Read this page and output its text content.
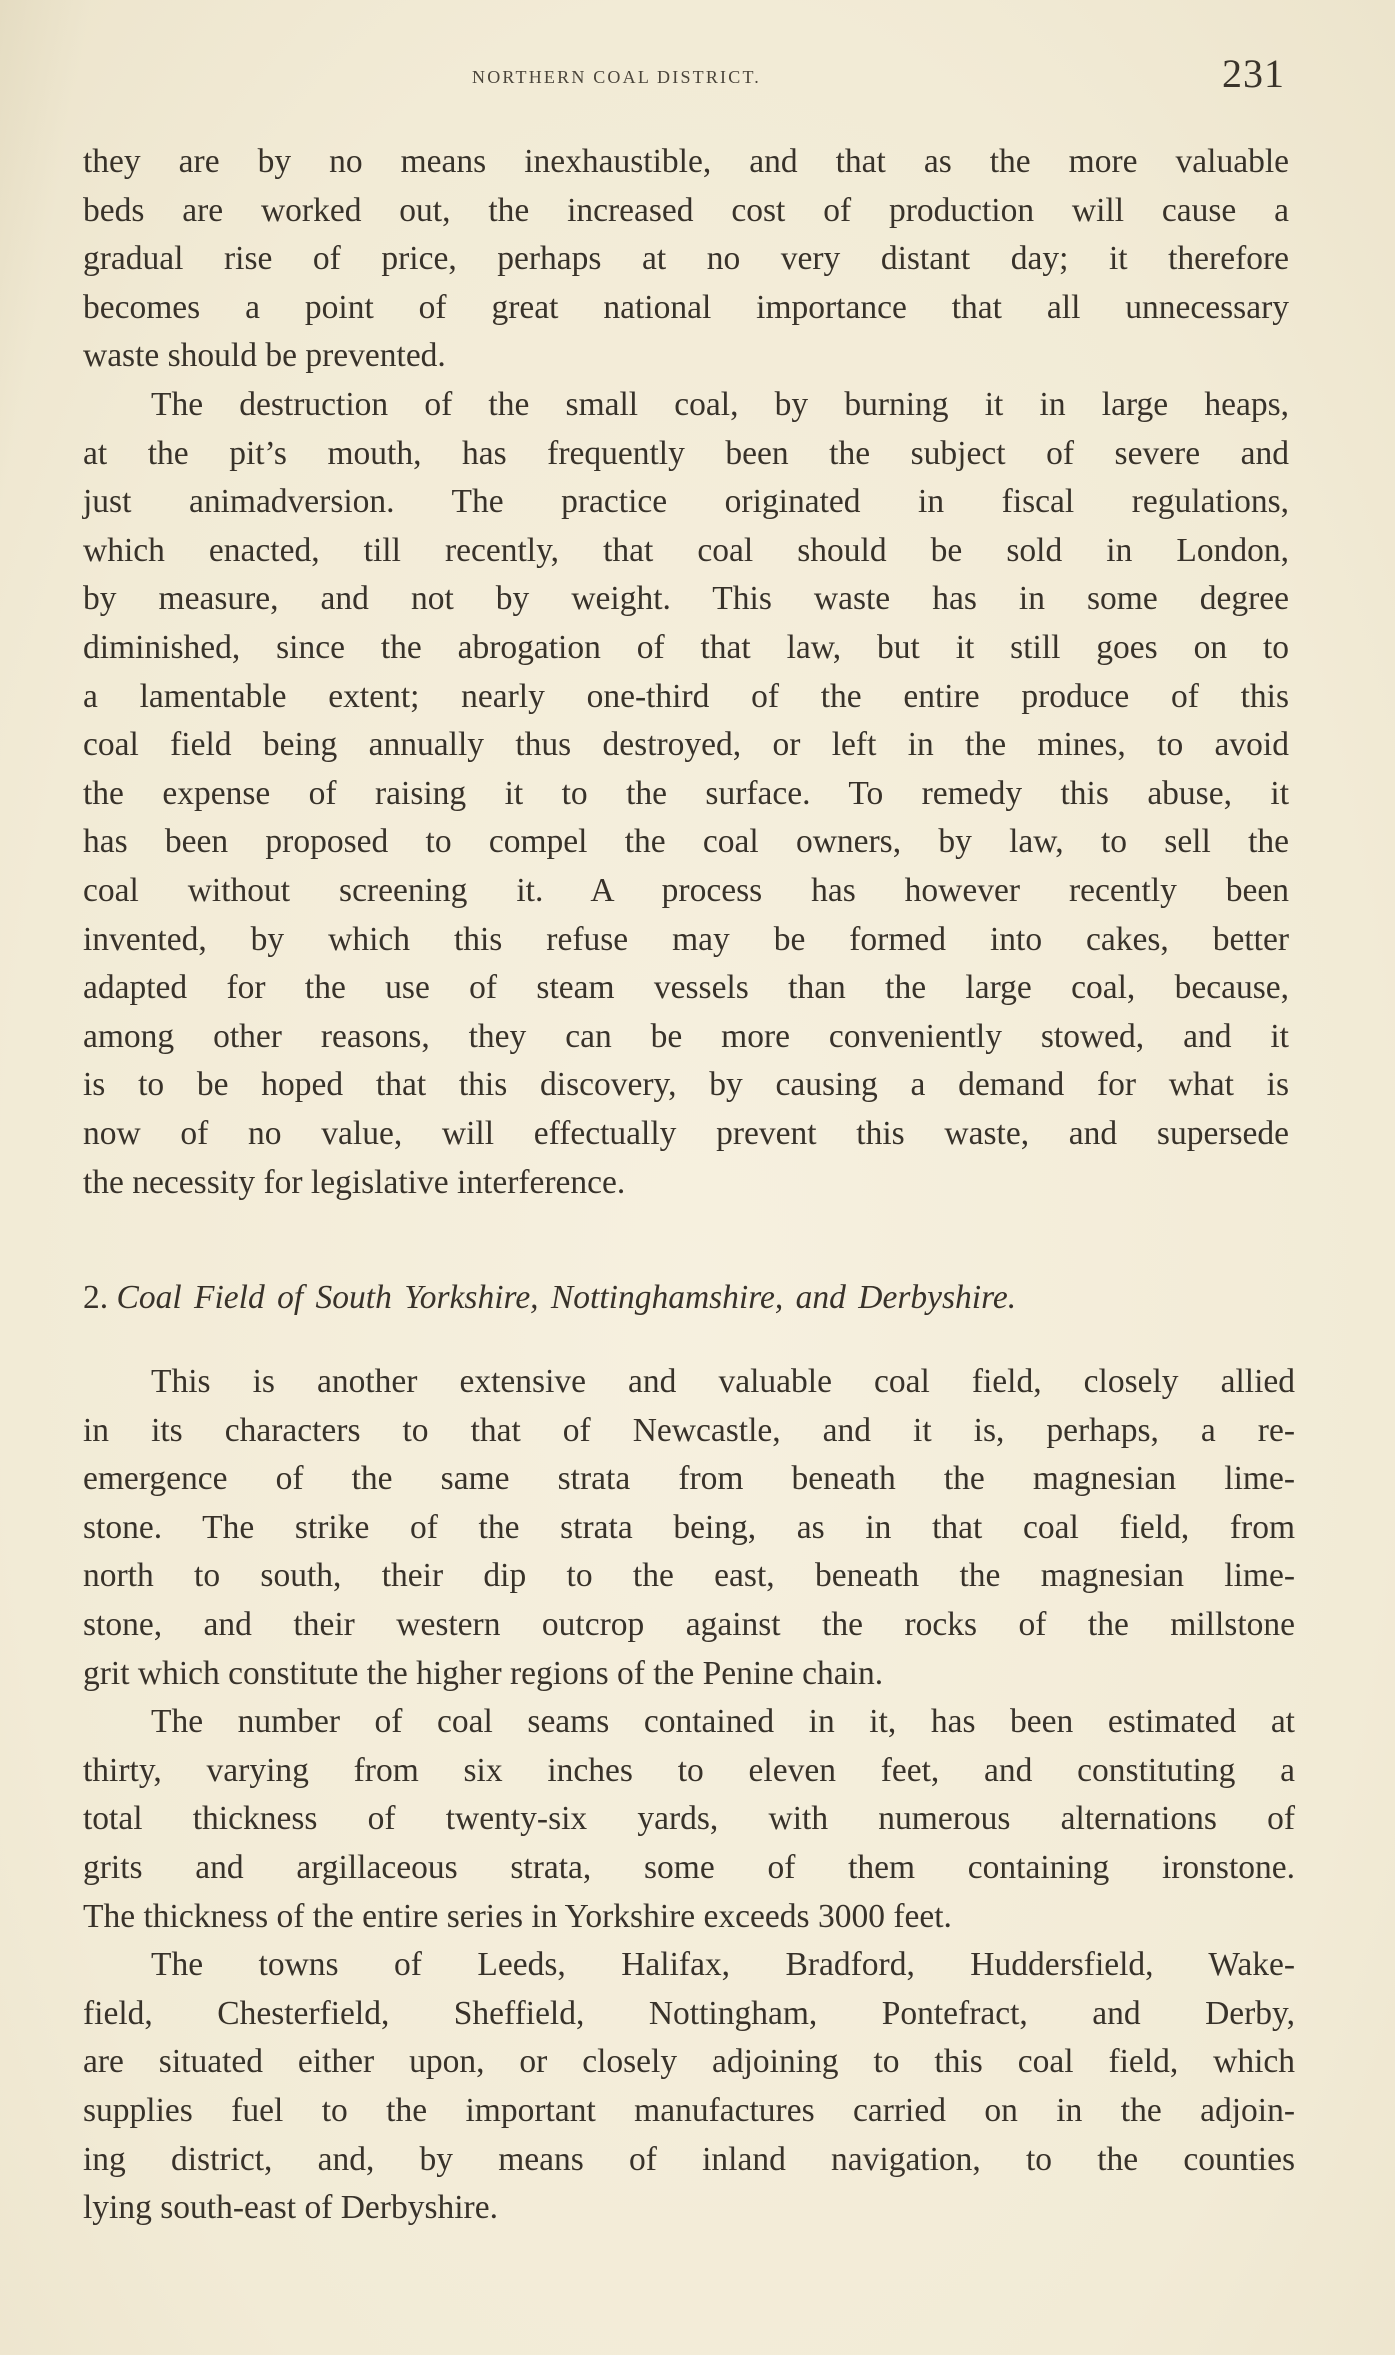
NORTHERN COAL DISTRICT.	231
they are by no means inexhaustible, and that as the more valuable
beds are worked out, the increased cost of production will cause a
gradual rise of price, perhaps at no very distant day; it therefore
becomes a point of great national importance that all unnecessary
waste should be prevented.
The destruction of the small coal, by burning it in large heaps,
at the pit’s mouth, has frequently been the subject of severe and
just animadversion. The practice originated in fiscal regulations,
which enacted, till recently, that coal should be sold in London,
by measure, and not by weight. This waste has in some degree
diminished, since the abrogation of that law, but it still goes on to
a lamentable extent; nearly one-third of the entire produce of this
coal field being annually thus destroyed, or left in the mines, to avoid
the expense of raising it to the surface. To remedy this abuse, it
has been proposed to compel the coal owners, by law, to sell the
coal without screening it. A process has however recently been
invented, by which this refuse may be formed into cakes, better
adapted for the use of steam vessels than the large coal, because,
among other reasons, they can be more conveniently stowed, and it
is to be hoped that this discovery, by causing a demand for what is
now of no value, will effectually prevent this waste, and supersede
the necessity for legislative interference.
2. Coal Field of South Yorkshire, Nottinghamshire, and Derbyshire.
This is another extensive and valuable coal field, closely allied
in its characters to that of Newcastle, and it is, perhaps, a re-
emergence of the same strata from beneath the magnesian lime-
stone. The strike of the strata being, as in that coal field, from
north to south, their dip to the east, beneath the magnesian lime-
stone, and their western outcrop against the rocks of the millstone
grit which constitute the higher regions of the Penine chain.
The number of coal seams contained in it, has been estimated at
thirty, varying from six inches to eleven feet, and constituting a
total thickness of twenty-six yards, with numerous alternations of
grits and argillaceous strata, some of them containing ironstone.
The thickness of the entire series in Yorkshire exceeds 3000 feet.
The towns of Leeds, Halifax, Bradford, Huddersfield, Wake-
field, Chesterfield, Sheffield, Nottingham, Pontefract, and Derby,
are situated either upon, or closely adjoining to this coal field, which
supplies fuel to the important manufactures carried on in the adjoin-
ing district, and, by means of inland navigation, to the counties
lying south-east of Derbyshire.
